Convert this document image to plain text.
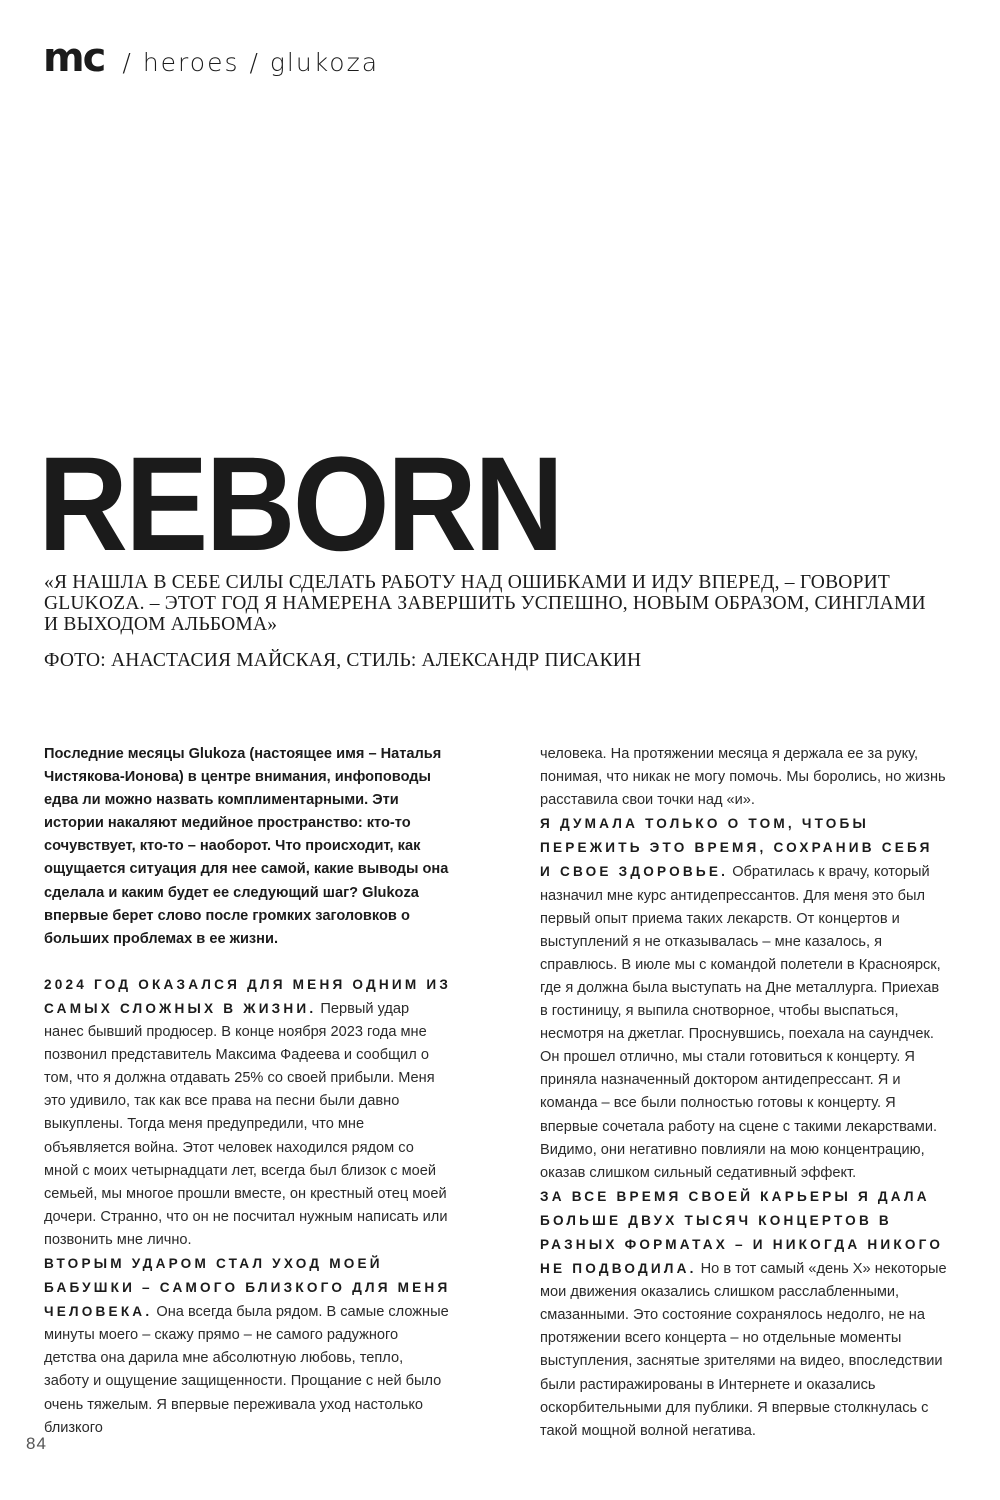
mc / heroes / glukoza
REBORN
«Я НАШЛА В СЕБЕ СИЛЫ СДЕЛАТЬ РАБОТУ НАД ОШИБКАМИ И ИДУ ВПЕРЕД, – ГОВОРИТ GLUKOZA. – ЭТОТ ГОД Я НАМЕРЕНА ЗАВЕРШИТЬ УСПЕШНО, НОВЫМ ОБРАЗОМ, СИНГЛАМИ И ВЫХОДОМ АЛЬБОМА»
ФОТО: АНАСТАСИЯ МАЙСКАЯ, СТИЛЬ: АЛЕКСАНДР ПИСАКИН

Последние месяцы Glukoza (настоящее имя – Наталья Чистякова-Ионова) в центре внимания, инфоповоды едва ли можно назвать комплиментарными. Эти истории накаляют медийное пространство: кто-то сочувствует, кто-то – наоборот. Что происходит, как ощущается ситуация для нее самой, какие выводы она сделала и каким будет ее следующий шаг? Glukoza впервые берет слово после громких заголовков о больших проблемах в ее жизни.

2024 ГОД ОКАЗАЛСЯ ДЛЯ МЕНЯ ОДНИМ ИЗ САМЫХ СЛОЖНЫХ В ЖИЗНИ. Первый удар нанес бывший продюсер. В конце ноября 2023 года мне позвонил представитель Максима Фадеева и сообщил о том, что я должна отдавать 25% со своей прибыли. Меня это удивило, так как все права на песни были давно выкуплены. Тогда меня предупредили, что мне объявляется война. Этот человек находился рядом со мной с моих четырнадцати лет, всегда был близок с моей семьей, мы многое прошли вместе, он крестный отец моей дочери. Странно, что он не посчитал нужным написать или позвонить мне лично.

ВТОРЫМ УДАРОМ СТАЛ УХОД МОЕЙ БАБУШКИ – САМОГО БЛИЗКОГО ДЛЯ МЕНЯ ЧЕЛОВЕКА. Она всегда была рядом. В самые сложные минуты моего – скажу прямо – не самого радужного детства она дарила мне абсолютную любовь, тепло, заботу и ощущение защищенности. Прощание с ней было очень тяжелым. Я впервые переживала уход настолько близкого

человека. На протяжении месяца я держала ее за руку, понимая, что никак не могу помочь. Мы боролись, но жизнь расставила свои точки над «и».

Я ДУМАЛА ТОЛЬКО О ТОМ, ЧТОБЫ ПЕРЕЖИТЬ ЭТО ВРЕМЯ, СОХРАНИВ СЕБЯ И СВОЕ ЗДОРОВЬЕ. Обратилась к врачу, который назначил мне курс антидепрессантов. Для меня это был первый опыт приема таких лекарств. От концертов и выступлений я не отказывалась – мне казалось, я справлюсь. В июле мы с командой полетели в Красноярск, где я должна была выступать на Дне металлурга. Приехав в гостиницу, я выпила снотворное, чтобы выспаться, несмотря на джетлаг. Проснувшись, поехала на саундчек. Он прошел отлично, мы стали готовиться к концерту. Я приняла назначенный доктором антидепрессант. Я и команда – все были полностью готовы к концерту. Я впервые сочетала работу на сцене с такими лекарствами. Видимо, они негативно повлияли на мою концентрацию, оказав слишком сильный седативный эффект.

ЗА ВСЕ ВРЕМЯ СВОЕЙ КАРЬЕРЫ Я ДАЛА БОЛЬШЕ ДВУХ ТЫСЯЧ КОНЦЕРТОВ В РАЗНЫХ ФОРМАТАХ – И НИКОГДА НИКОГО НЕ ПОДВОДИЛА. Но в тот самый «день Х» некоторые мои движения оказались слишком расслабленными, смазанными. Это состояние сохранялось недолго, не на протяжении всего концерта – но отдельные моменты выступления, заснятые зрителями на видео, впоследствии были растиражированы в Интернете и оказались оскорбительными для публики. Я впервые столкнулась с такой мощной волной негатива.

84
